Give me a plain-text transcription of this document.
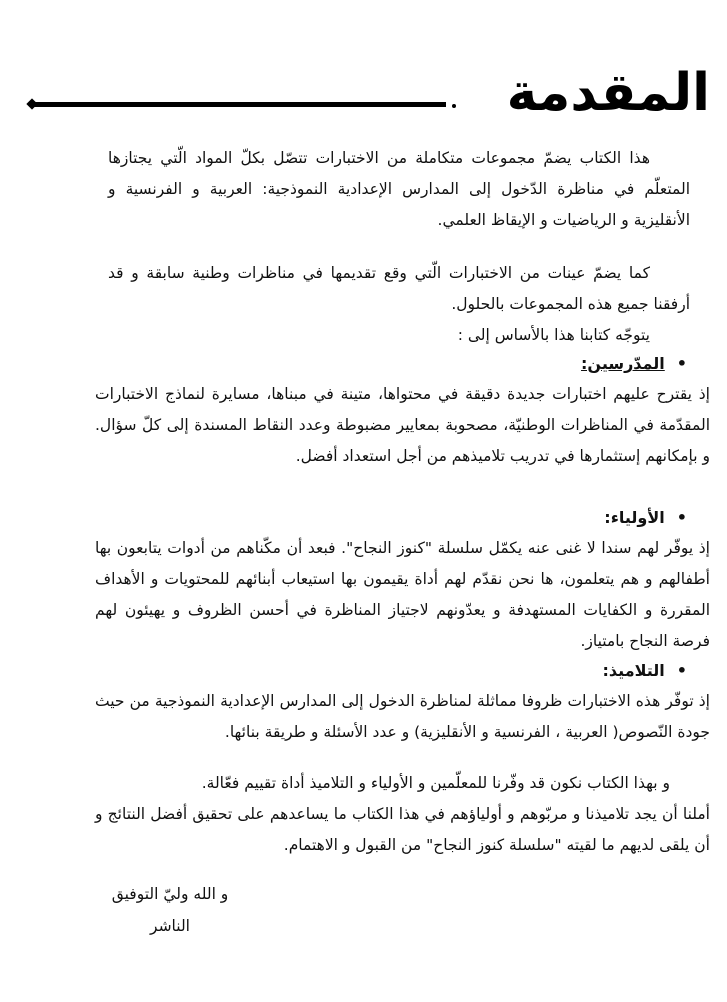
المقدمة

هذا الكتاب يضمّ مجموعات متكاملة من الاختبارات تتصّل بكلّ المواد الّتي يجتازها المتعلّم في مناظرة الدّخول إلى المدارس الإعدادية النموذجية: العربية و الفرنسية و الأنقليزية و الرياضيات و الإيقاظ العلمي.

كما يضمّ عينات من الاختبارات الّتي وقع تقديمها في مناظرات وطنية سابقة و قد أرفقنا جميع هذه المجموعات بالحلول.

يتوجّه كتابنا هذا بالأساس إلى :

•المدّرسين:

إذ يقترح عليهم اختبارات جديدة دقيقة في محتواها، متينة في مبناها، مسايرة لنماذج الاختبارات المقدّمة في المناظرات الوطنيّة، مصحوبة بمعايير مضبوطة وعدد النقاط المسندة إلى كلّ سؤال. و بإمكانهم إستثمارها في تدريب تلاميذهم من أجل استعداد أفضل.

•الأولياء:

إذ يوفّر لهم سندا لا غنى عنه يكمّل سلسلة "كنوز النجاح". فبعد أن مكّناهم من أدوات يتابعون بها أطفالهم و هم يتعلمون، ها نحن نقدّم لهم أداة يقيمون بها استيعاب أبنائهم للمحتويات و الأهداف المقررة و الكفايات المستهدفة و يعدّونهم لاجتياز المناظرة في أحسن الظروف و يهيئون لهم فرصة النجاح بامتياز.

•التلاميذ:

إذ توفّر هذه الاختبارات ظروفا مماثلة لمناظرة الدخول إلى المدارس الإعدادية النموذجية من حيث جودة النّصوص( العربية ، الفرنسية و الأنقليزية) و عدد الأسئلة و طريقة بنائها.

و بهذا الكتاب نكون قد وفّرنا للمعلّمين و الأولياء و التلاميذ أداة تقييم فعّالة.

أملنا أن يجد تلاميذنا و مربّوهم و أولياؤهم في هذا الكتاب ما يساعدهم على تحقيق أفضل النتائج و أن يلقى لديهم ما لقيته "سلسلة كنوز النجاح" من القبول و الاهتمام.

و الله وليّ التوفيق
الناشر
